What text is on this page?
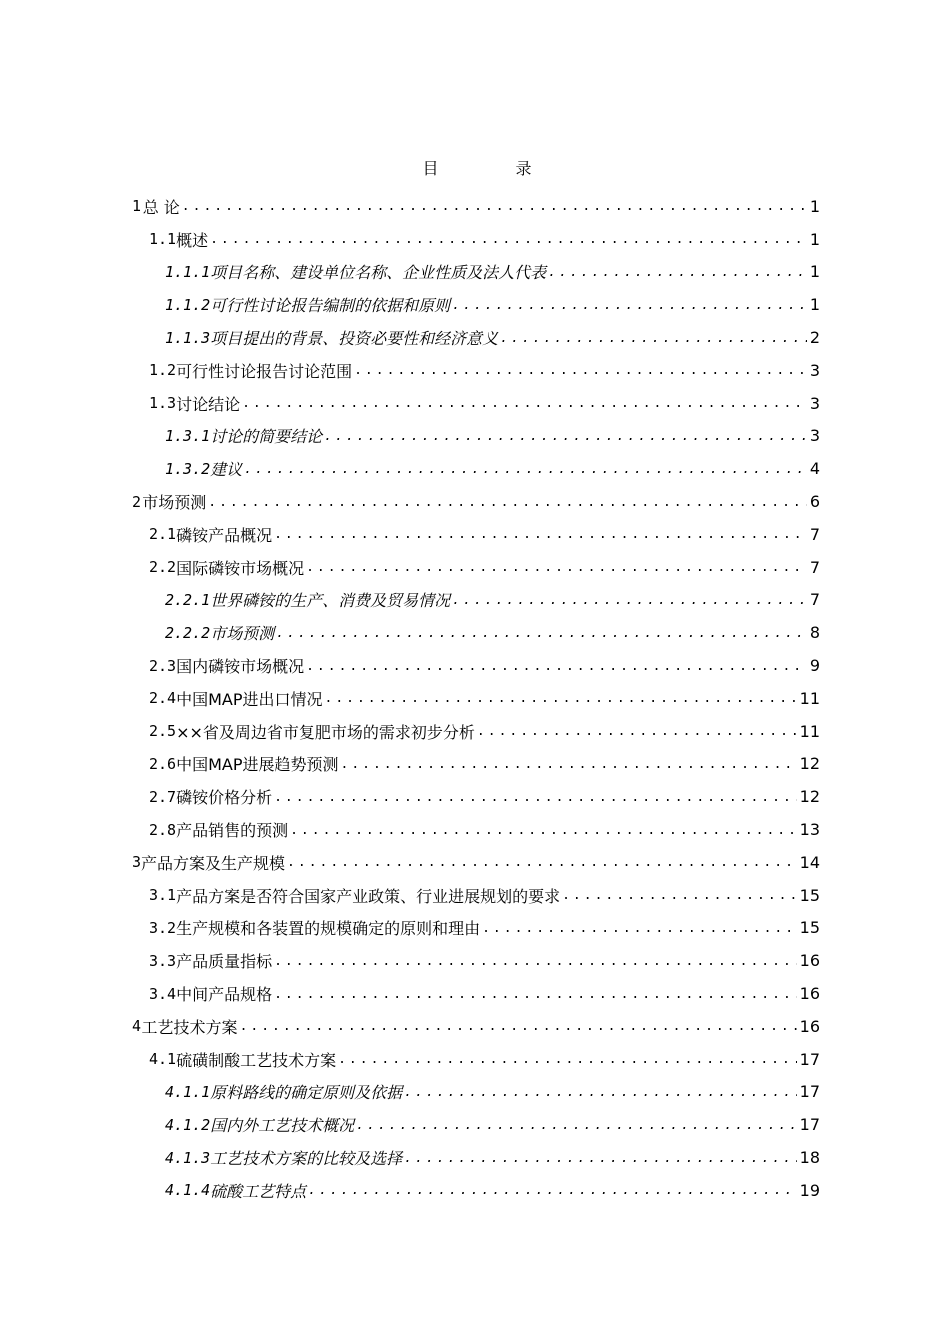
目 录
1 总 论 .....	1
1.1 概述 .....	1
1.1.1 项目名称、建设单位名称、企业性质及法人代表 .....	1
1.1.2 可行性讨论报告编制的依据和原则 .....	1
1.1.3 项目提出的背景、投资必要性和经济意义 .....	2
1.2 可行性讨论报告讨论范围 .....	3
1.3 讨论结论 .....	3
1.3.1 讨论的简要结论 .....	3
1.3.2 建议 .....	4
2 市场预测 .....	6
2.1 磷铵产品概况 .....	7
2.2 国际磷铵市场概况 .....	7
2.2.1 世界磷铵的生产、消费及贸易情况 .....	7
2.2.2 市场预测 .....	8
2.3 国内磷铵市场概况 .....	9
2.4 中国MAP进出口情况 .....	11
2.5 ××省及周边省市复肥市场的需求初步分析 .....	11
2.6 中国MAP进展趋势预测 .....	12
2.7 磷铵价格分析 .....	12
2.8 产品销售的预测 .....	13
3 产品方案及生产规模 .....	14
3.1 产品方案是否符合国家产业政策、行业进展规划的要求 .....	15
3.2 生产规模和各装置的规模确定的原则和理由 .....	15
3.3 产品质量指标 .....	16
3.4 中间产品规格 .....	16
4 工艺技术方案 .....	16
4.1 硫磺制酸工艺技术方案 .....	17
4.1.1 原料路线的确定原则及依据 .....	17
4.1.2 国内外工艺技术概况 .....	17
4.1.3 工艺技术方案的比较及选择 .....	18
4.1.4 硫酸工艺特点 .....	19
